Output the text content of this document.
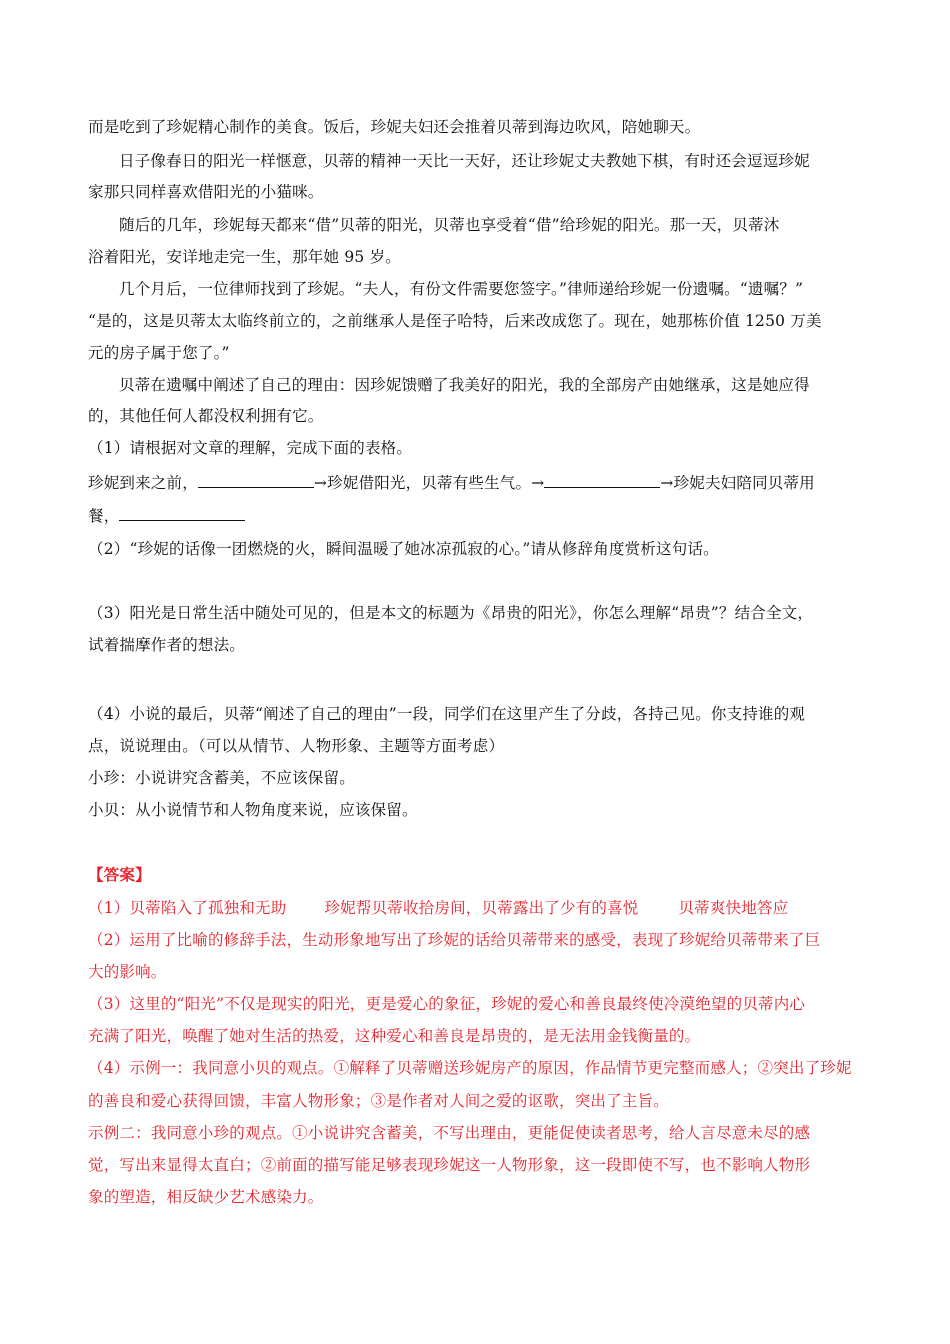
而是吃到了珍妮精心制作的美食。饭后，珍妮夫妇还会推着贝蒂到海边吹风，陪她聊天。
日子像春日的阳光一样惬意，贝蒂的精神一天比一天好，还让珍妮丈夫教她下棋，有时还会逗逗珍妮
家那只同样喜欢借阳光的小猫咪。
随后的几年，珍妮每天都来“借”贝蒂的阳光，贝蒂也享受着“借”给珍妮的阳光。那一天，贝蒂沐
浴着阳光，安详地走完一生，那年她 95 岁。
几个月后，一位律师找到了珍妮。“夫人，有份文件需要您签字。”律师递给珍妮一份遗嘱。“遗嘱？”
“是的，这是贝蒂太太临终前立的，之前继承人是侄子哈特，后来改成您了。现在，她那栋价值 1250 万美
元的房子属于您了。”
贝蒂在遗嘱中阐述了自己的理由：因珍妮馈赠了我美好的阳光，我的全部房产由她继承，这是她应得
的，其他任何人都没权利拥有它。
（1）请根据对文章的理解，完成下面的表格。
珍妮到来之前，	→珍妮借阳光，贝蒂有些生气。→	→珍妮夫妇陪同贝蒂用
餐，
（2）“珍妮的话像一团燃烧的火，瞬间温暖了她冰凉孤寂的心。”请从修辞角度赏析这句话。
（3）阳光是日常生活中随处可见的，但是本文的标题为《昂贵的阳光》，你怎么理解“昂贵”？结合全文，
试着揣摩作者的想法。
（4）小说的最后，贝蒂“阐述了自己的理由”一段，同学们在这里产生了分歧，各持己见。你支持谁的观
点，说说理由。（可以从情节、人物形象、主题等方面考虑）
小珍：小说讲究含蓄美，不应该保留。
小贝：从小说情节和人物角度来说，应该保留。
【答案】
（1）贝蒂陷入了孤独和无助 珍妮帮贝蒂收拾房间，贝蒂露出了少有的喜悦	贝蒂爽快地答应
（2）运用了比喻的修辞手法，生动形象地写出了珍妮的话给贝蒂带来的感受，表现了珍妮给贝蒂带来了巨
大的影响。
（3）这里的“阳光”不仅是现实的阳光，更是爱心的象征，珍妮的爱心和善良最终使冷漠绝望的贝蒂内心
充满了阳光，唤醒了她对生活的热爱，这种爱心和善良是昂贵的，是无法用金钱衡量的。
（4）示例一：我同意小贝的观点。①解释了贝蒂赠送珍妮房产的原因，作品情节更完整而感人；②突出了珍妮
的善良和爱心获得回馈，丰富人物形象；③是作者对人间之爱的讴歌，突出了主旨。
示例二：我同意小珍的观点。①小说讲究含蓄美，不写出理由，更能促使读者思考，给人言尽意未尽的感
觉，写出来显得太直白；②前面的描写能足够表现珍妮这一人物形象，这一段即使不写，也不影响人物形
象的塑造，相反缺少艺术感染力。
